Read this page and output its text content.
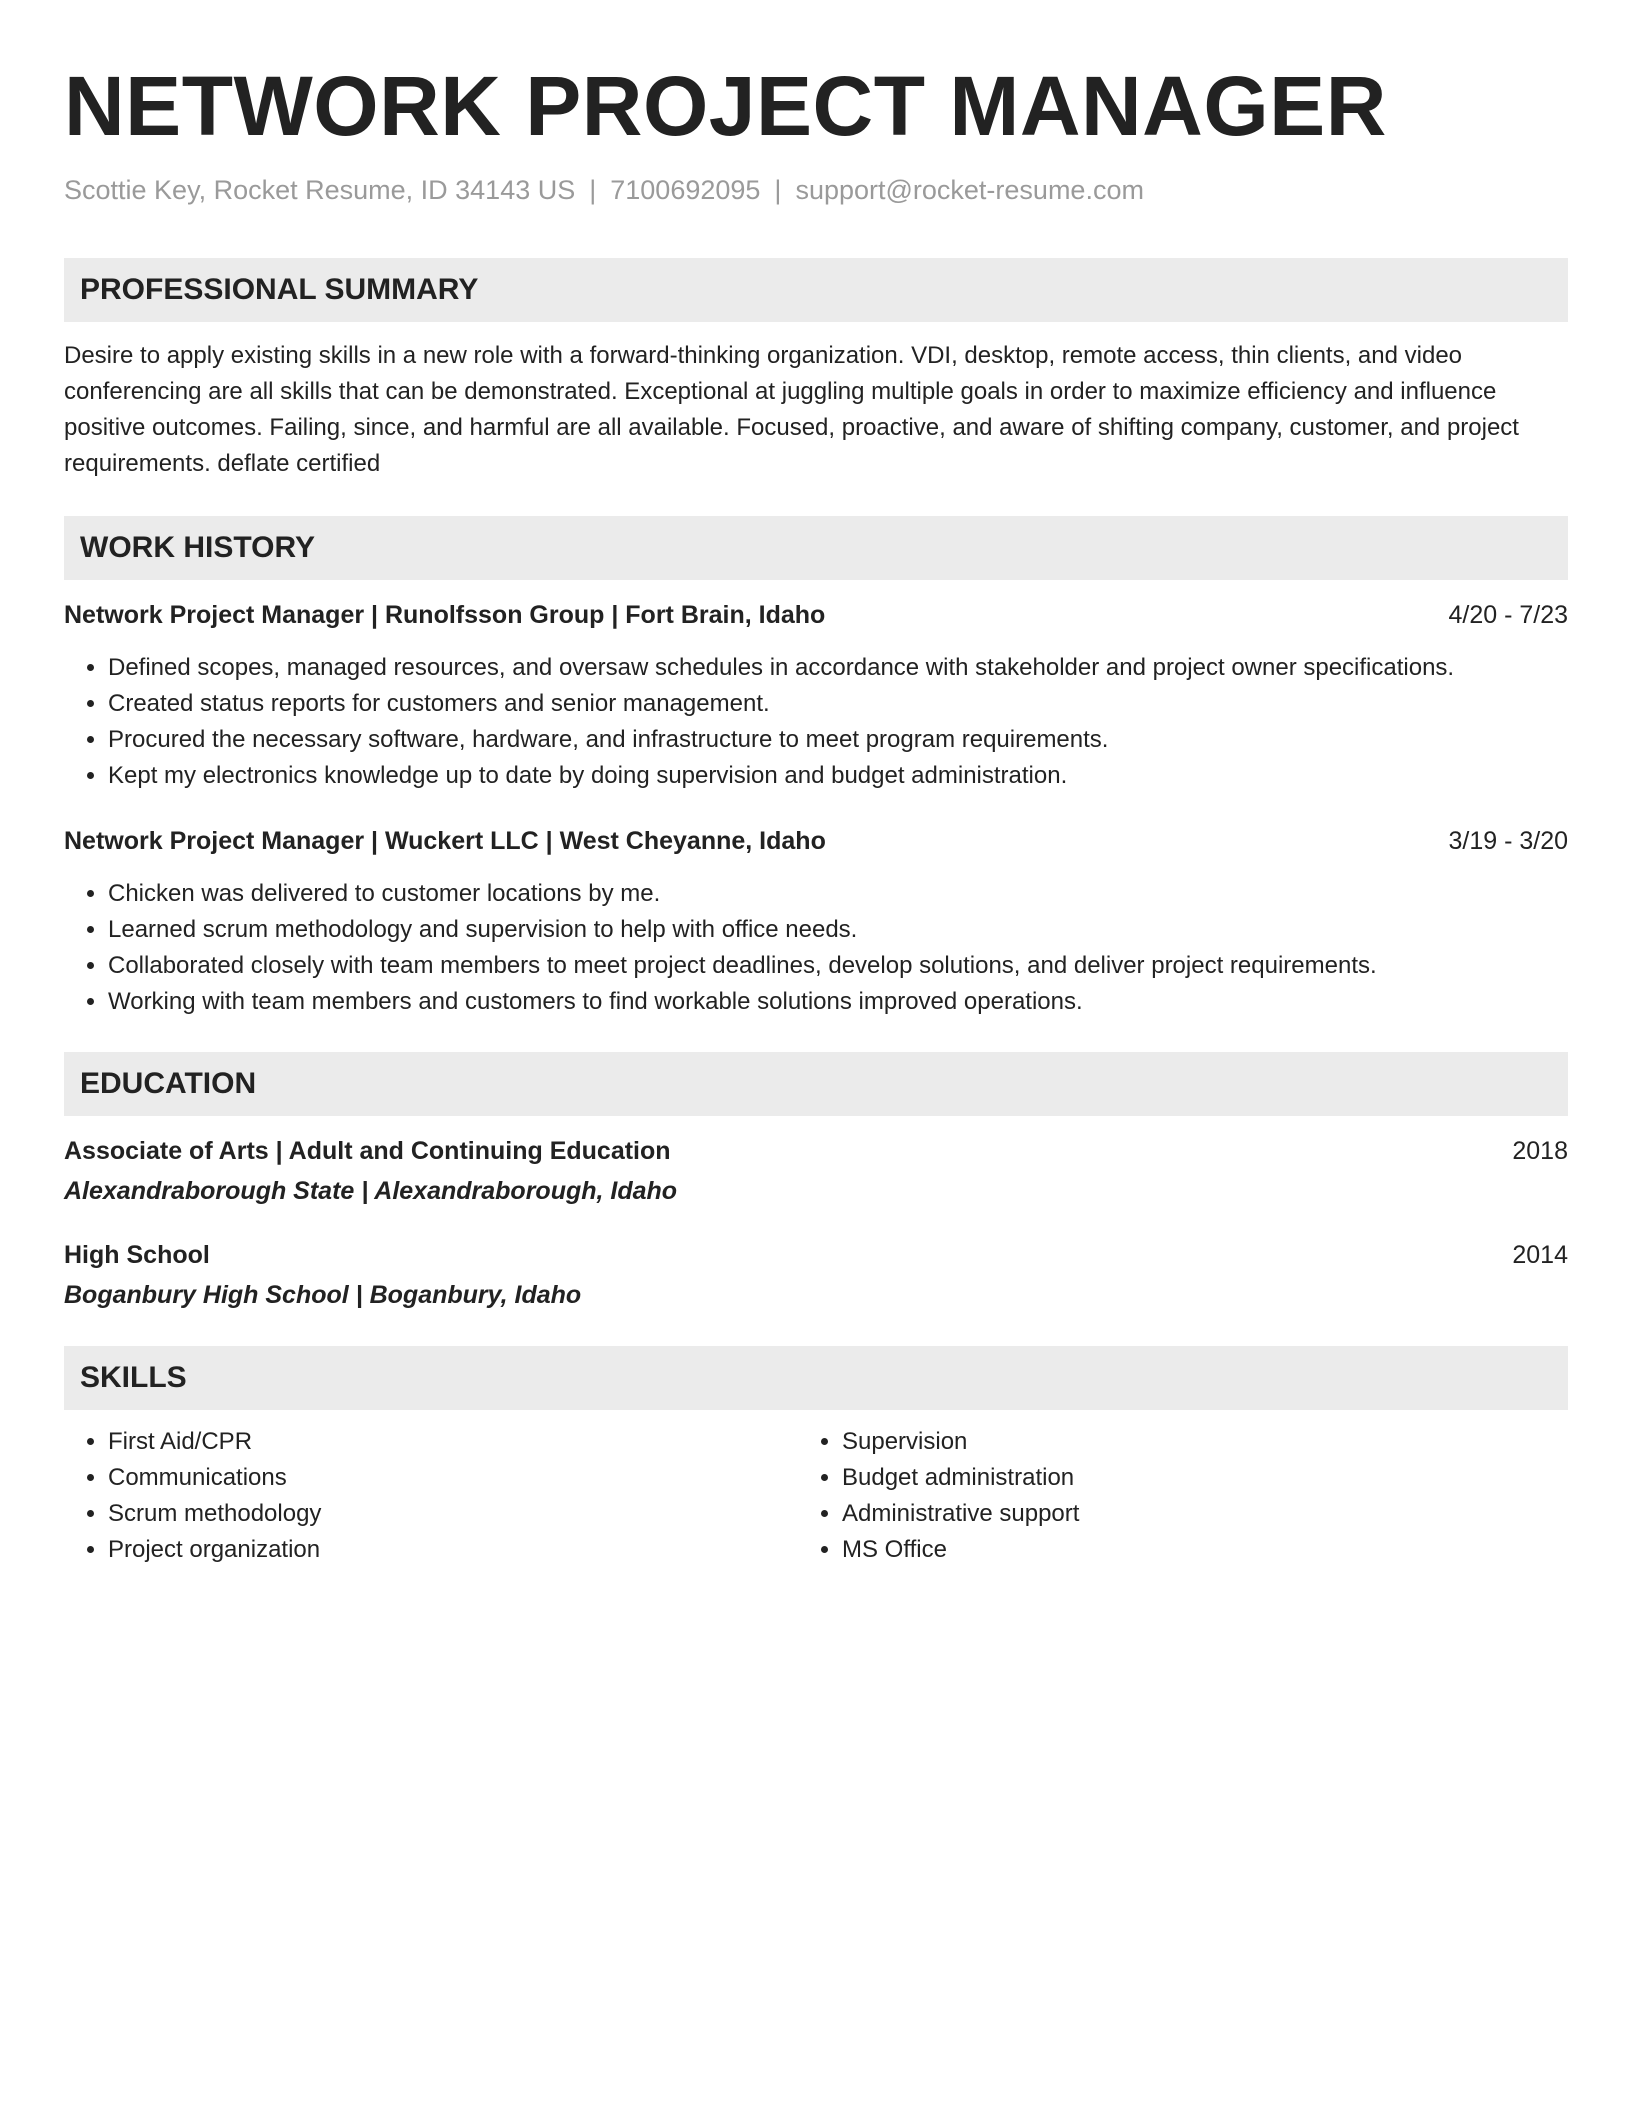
NETWORK PROJECT MANAGER
Scottie Key, Rocket Resume, ID 34143 US | 7100692095 | support@rocket-resume.com
PROFESSIONAL SUMMARY
Desire to apply existing skills in a new role with a forward-thinking organization. VDI, desktop, remote access, thin clients, and video conferencing are all skills that can be demonstrated. Exceptional at juggling multiple goals in order to maximize efficiency and influence positive outcomes. Failing, since, and harmful are all available. Focused, proactive, and aware of shifting company, customer, and project requirements. deflate certified
WORK HISTORY
Network Project Manager | Runolfsson Group | Fort Brain, Idaho	4/20 - 7/23
• Defined scopes, managed resources, and oversaw schedules in accordance with stakeholder and project owner specifications.
• Created status reports for customers and senior management.
• Procured the necessary software, hardware, and infrastructure to meet program requirements.
• Kept my electronics knowledge up to date by doing supervision and budget administration.
Network Project Manager | Wuckert LLC | West Cheyanne, Idaho	3/19 - 3/20
• Chicken was delivered to customer locations by me.
• Learned scrum methodology and supervision to help with office needs.
• Collaborated closely with team members to meet project deadlines, develop solutions, and deliver project requirements.
• Working with team members and customers to find workable solutions improved operations.
EDUCATION
Associate of Arts | Adult and Continuing Education	2018
Alexandraborough State | Alexandraborough, Idaho
High School	2014
Boganbury High School | Boganbury, Idaho
SKILLS
• First Aid/CPR
• Communications
• Scrum methodology
• Project organization
• Supervision
• Budget administration
• Administrative support
• MS Office
